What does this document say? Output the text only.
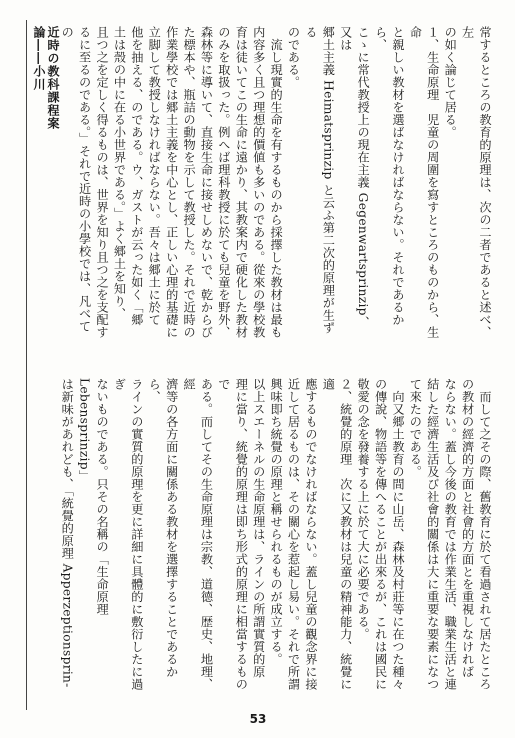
近時の教科課程案論――小川	常するところの教育的原理は、次の二者であると述べ、左

の如く論じて居る。

１、生命原理　児童の周圍を寫すところのものから、生命

と親しい教材を選ばなければならない。それであるから、

こゝに常代教授上の現在主義 Gegenwartsprinzip、又は

郷土主義 Heimatsprinzip と云ふ第二次的原理が生ずる

のである。

　流し現實的生命を有するものから採擇した教材は最も

内容多く且つ理想的價値も多いのである。從來の學校教

育は徒いてこの生命に遠かり、其教案内で硬化した教材

のみを取扱った。例へば理科教授に於ても兒童を野外、

森林等に導いて、直接生命に接せしめないで、乾からび

た標本や、瓶詰の動物を示して教授した。それで近時の

作業學校では郷土主義を中心とし、正しい心理的基礎に

立脚して教授しなければならない。吾々は郷土に於て

他を抽える、のである。ウ、ガストが云った如く「郷

土は殼の中に在る小世界である。」よく郷土を知り、

且つ之を定しく得るものは、世界を知り且つ之を支配す

るに至るのである。」それで近時の小學校では、凡べての

　而して之その際、舊教育に於て看過されて居たところ

の教材の經濟的方面と社會的方面とを重視しなければ

ならない。蓋し今後の教育では作業生活、職業生活と連

結した經濟生活及び社會的關係は大に重要な要素になつ

て來たのである。

　向又郷土教育の間に山岳、森林及村莊等に在つた種々

の傳說、物語等を傳へることが出來るが、これは國民に

敬愛の念を發養する上に於て大に必要である。

２、統覺的原理　次に又教材は兒童の精神能力、統覺に適

應するものでなければならない。蓋し兒童の觀念界に接

近して居るものは、その關心を惹起し易い。それで所謂

興味即ち統覺の原理と稱せられるものが成立する。

以上スエーネルの生命原理は、ラインの所謂實質的原

理に當り、統覺的原理は即ち形式的原理に相當するもので

ある。而してその生命原理は宗教、道德、歴史、地理、經

濟等の各方面に關係ある教材を選擇することであるから、

ラインの實質的原理を更に詳細に具體的に敷衍したに過ぎ

ないものである。只その名稱の「生命原理 Lebensprinzip」

は新味があれども、「統覺的原理 Apperzeptionsprin-

53
